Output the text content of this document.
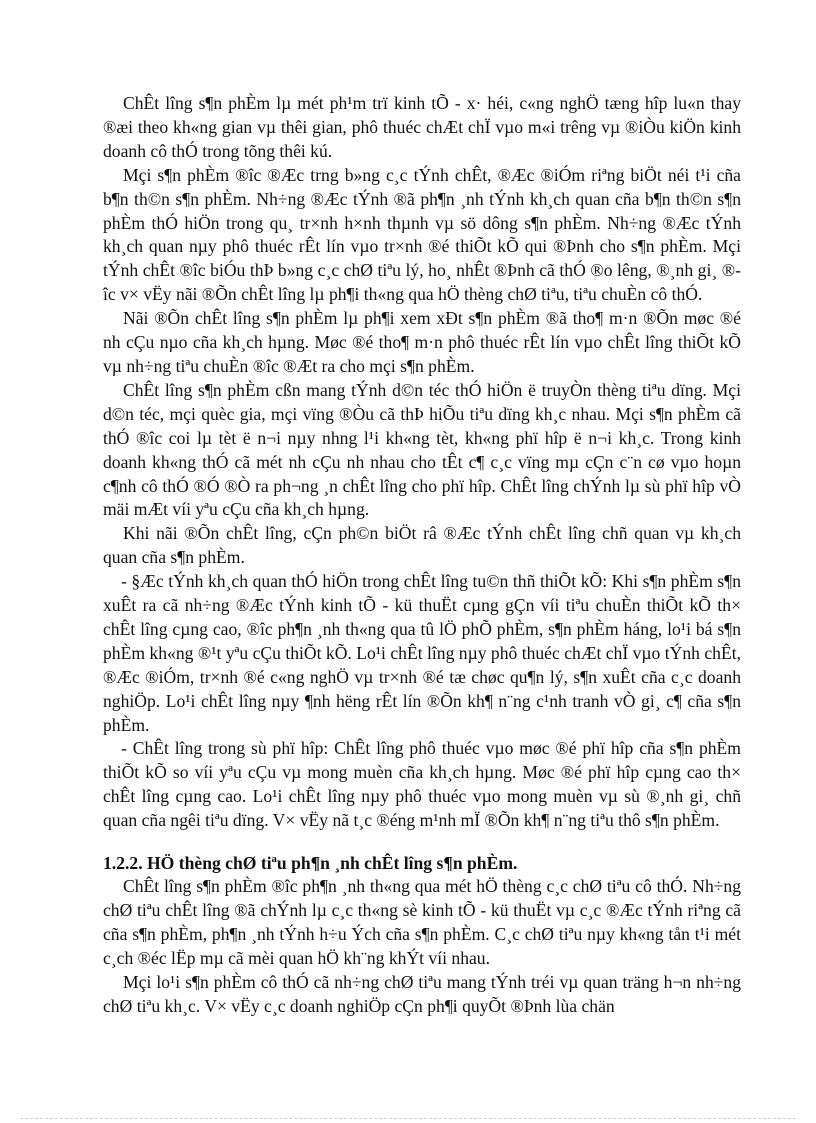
ChÊt lîng s¶n phÈm lµ mét ph¹m trï kinh tÕ - x· héi, c«ng nghÖ tæng hîp lu«n thay ®æi theo kh«ng gian vµ thêi gian, phô thuéc chÆt chÏ vµo m«i trêng vµ ®iÒu kiÖn kinh doanh cô thÓ trong tõng thêi kú.

Mçi s¶n phÈm ®îc ®Æc trng b»ng c¸c tÝnh chÊt, ®Æc ®iÓm riªng biÖt néi t¹i cña b¶n th©n s¶n phÈm. Nh÷ng ®Æc tÝnh ®ã ph¶n ¸nh tÝnh kh¸ch quan cña b¶n th©n s¶n phÈm thÓ hiÖn trong qu¸ tr×nh h×nh thµnh vµ sö dông s¶n phÈm. Nh÷ng ®Æc tÝnh kh¸ch quan nµy phô thuéc rÊt lín vµo tr×nh ®é thiÕt kÕ qui ®Þnh cho s¶n phÈm. Mçi tÝnh chÊt ®îc biÓu thÞ b»ng c¸c chØ tiªu lý, ho¸ nhÊt ®Þnh cã thÓ ®o lêng, ®¸nh gi¸ ®îc v× vËy nãi ®Õn chÊt lîng lµ ph¶i th«ng qua hÖ thèng chØ tiªu, tiªu chuÈn cô thÓ.

Nãi ®Õn chÊt lîng s¶n phÈm lµ ph¶i xem xÐt s¶n phÈm ®ã tho¶ m·n ®Õn møc ®é nh cÇu nµo cña kh¸ch hµng. Møc ®é tho¶ m·n phô thuéc rÊt lín vµo chÊt lîng thiÕt kÕ vµ nh÷ng tiªu chuÈn ®îc ®Æt ra cho mçi s¶n phÈm.

ChÊt lîng s¶n phÈm cßn mang tÝnh d©n téc thÓ hiÖn ë truyÒn thèng tiªu dïng. Mçi d©n téc, mçi quèc gia, mçi vïng ®Òu cã thÞ hiÕu tiªu dïng kh¸c nhau. Mçi s¶n phÈm cã thÓ ®îc coi lµ tèt ë n¬i nµy nhng l¹i kh«ng tèt, kh«ng phï hîp ë n¬i kh¸c. Trong kinh doanh kh«ng thÓ cã mét nh cÇu nh nhau cho tÊt c¶ c¸c vïng mµ cÇn c¨n cø vµo hoµn c¶nh cô thÓ ®Ó ®Ò ra ph¬ng ¸n chÊt lîng cho phï hîp. ChÊt lîng chÝnh lµ sù phï hîp vÒ mäi mÆt víi yªu cÇu cña kh¸ch hµng.

Khi nãi ®Õn chÊt lîng, cÇn ph©n biÖt râ ®Æc tÝnh chÊt lîng chñ quan vµ kh¸ch quan cña s¶n phÈm.

- §Æc tÝnh kh¸ch quan thÓ hiÖn trong chÊt lîng tu©n thñ thiÕt kÕ: Khi s¶n phÈm s¶n xuÊt ra cã nh÷ng ®Æc tÝnh kinh tÕ - kü thuËt cµng gÇn víi tiªu chuÈn thiÕt kÕ th× chÊt lîng cµng cao, ®îc ph¶n ¸nh th«ng qua tû lÖ phÕ phÈm, s¶n phÈm háng, lo¹i bá s¶n phÈm kh«ng ®¹t yªu cÇu thiÕt kÕ. Lo¹i chÊt lîng nµy phô thuéc chÆt chÏ vµo tÝnh chÊt, ®Æc ®iÓm, tr×nh ®é c«ng nghÖ vµ tr×nh ®é tæ chøc qu¶n lý, s¶n xuÊt cña c¸c doanh nghiÖp. Lo¹i chÊt lîng nµy ¶nh hëng rÊt lín ®Õn kh¶ n¨ng c¹nh tranh vÒ gi¸ c¶ cña s¶n phÈm.

- ChÊt lîng trong sù phï hîp: ChÊt lîng phô thuéc vµo møc ®é phï hîp cña s¶n phÈm thiÕt kÕ so víi yªu cÇu vµ mong muèn cña kh¸ch hµng. Møc ®é phï hîp cµng cao th× chÊt lîng cµng cao. Lo¹i chÊt lîng nµy phô thuéc vµo mong muèn vµ sù ®¸nh gi¸ chñ quan cña ngêi tiªu dïng. V× vËy nã t¸c ®éng m¹nh mÏ ®Õn kh¶ n¨ng tiªu thô s¶n phÈm.

1.2.2. HÖ thèng chØ tiªu ph¶n ¸nh chÊt lîng s¶n phÈm.

ChÊt lîng s¶n phÈm ®îc ph¶n ¸nh th«ng qua mét hÖ thèng c¸c chØ tiªu cô thÓ. Nh÷ng chØ tiªu chÊt lîng ®ã chÝnh lµ c¸c th«ng sè kinh tÕ - kü thuËt vµ c¸c ®Æc tÝnh riªng cã cña s¶n phÈm, ph¶n ¸nh tÝnh h÷u Ých cña s¶n phÈm. C¸c chØ tiªu nµy kh«ng tån t¹i mét c¸ch ®éc lËp mµ cã mèi quan hÖ kh¨ng khÝt víi nhau.

Mçi lo¹i s¶n phÈm cô thÓ cã nh÷ng chØ tiªu mang tÝnh tréi vµ quan träng h¬n nh÷ng chØ tiªu kh¸c. V× vËy c¸c doanh nghiÖp cÇn ph¶i quyÕt ®Þnh lùa chän
